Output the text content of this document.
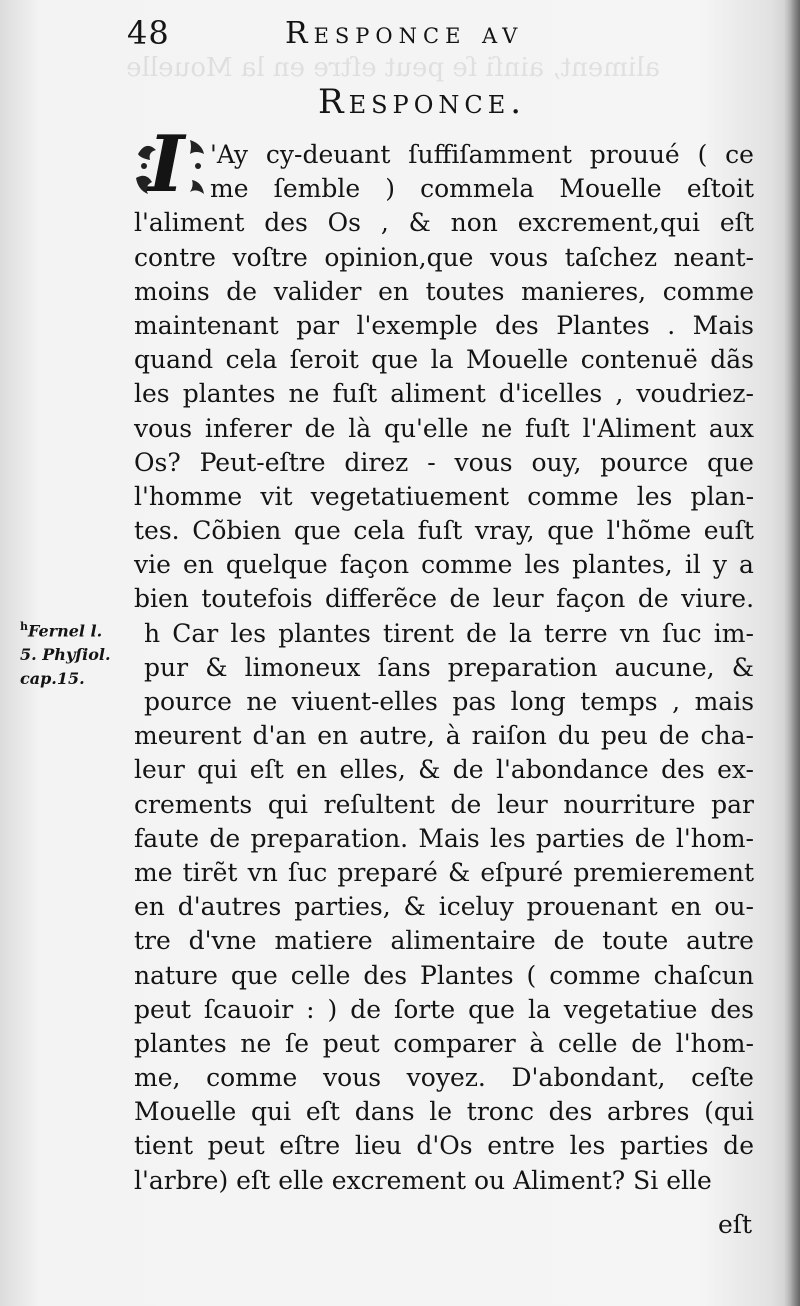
aliment, ainſi ſe peut eſtre en la Mouelle
48	Responce av
Responce.
I	'Ay cy-deuant ſuffiſamment prouué ( ce
me ſemble ) commela Mouelle eſtoit
l'aliment des Os , & non excrement,qui eſt
contre voſtre opinion,que vous taſchez neant-
moins de valider en toutes manieres, comme
maintenant par l'exemple des Plantes . Mais
quand cela ſeroit que la Mouelle contenuë dãs
les plantes ne fuſt aliment d'icelles , voudriez-
vous inferer de là qu'elle ne fuſt l'Aliment aux
Os? Peut-eſtre direz - vous ouy, pource que
l'homme vit vegetatiuement comme les plan-
tes. Cõbien que cela fuſt vray, que l'hõme euſt
vie en quelque façon comme les plantes, il y a
bien toutefois differẽce de leur façon de viure.
h Car les plantes tirent de la terre vn ſuc im-
pur & limoneux ſans preparation aucune, &
pource ne viuent-elles pas long temps , mais
meurent d'an en autre, à raiſon du peu de cha-
leur qui eſt en elles, & de l'abondance des ex-
crements qui reſultent de leur nourriture par
faute de preparation. Mais les parties de l'hom-
me tirẽt vn ſuc preparé & eſpuré premierement
en d'autres parties, & iceluy prouenant en ou-
tre d'vne matiere alimentaire de toute autre
nature que celle des Plantes ( comme chaſcun
peut ſcauoir : ) de ſorte que la vegetatiue des
plantes ne ſe peut comparer à celle de l'hom-
me, comme vous voyez. D'abondant, ceſte
Mouelle qui eſt dans le tronc des arbres (qui
tient peut eſtre lieu d'Os entre les parties de
l'arbre) eſt elle excrement ou Aliment? Si elle
eſt
$^h$Fernel l.
5. Phyſiol.
cap.15.
